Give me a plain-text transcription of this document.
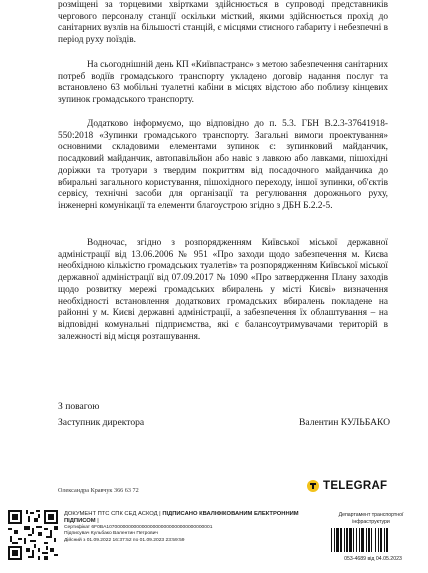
розміщені за торцевими хвіртками здійснюється в супроводі представників чергового персоналу станції оскільки місткий, якими здійснюється прохід до санітарних вузлів на більшості станцій, є місцями стисного габариту і небезпечні в період руху поїздів.

На сьогоднішній день КП «Київпастранс» з метою забезпечення санітарних потреб водіїв громадського транспорту укладено договір надання послуг та встановлено 63 мобільні туалетні кабіни в місцях відстою або поблизу кінцевих зупинок громадського транспорту.

Додатково інформуємо, що відповідно до п. 5.3. ГБН В.2.3-37641918-550:2018 «Зупинки громадського транспорту. Загальні вимоги проектування» основними складовими елементами зупинок є: зупинковий майданчик, посадковий майданчик, автопавільйон або навіс з лавкою або лавками, пішохідні доріжки та тротуари з твердим покриттям від посадочного майданчика до вбиральні загального користування, пішохідного переходу, іншої зупинки, об'єктів сервісу, технічні засоби для організації та регулювання дорожнього руху, інженерні комунікації та елементи благоустрою згідно з ДБН Б.2.2-5.

Водночас, згідно з розпорядженням Київської міської державної адміністрації від 13.06.2006 № 951 «Про заходи щодо забезпечення м. Києва необхідною кількістю громадських туалетів» та розпорядженням Київської міської державної адміністрації від 07.09.2017 № 1090 «Про затвердження Плану заходів щодо розвитку мережі громадських вбиралень у місті Києві» визначення необхідності встановлення додаткових громадських вбиралень покладене на районні у м. Києві державні адміністрації, а забезпечення їх облаштування – на відповідні комунальні підприємства, які є балансоутримувачами територій в залежності від місця розташування.

З повагою
Заступник директора	Валентин КУЛЬБАКО
Олександра Кравчук 366 63 72	TELEGRAF
ДОКУМЕНТ ПТС СПК СЕД АСКОД | ПІДПИСАНО КВАЛІФІКОВАНИМ ЕЛЕКТРОННИМ ПІДПИСОМ |
Сертифікат 6F0BA107000000000000000000000000000000000001
Підписувач Кульбако Валентин Петрович
Дійсний з 01.09.2022 16:37:52 по 01.09.2023 23:59:59
Департамент транспортної інфраструктури
053-4689 від 04.05.2023
